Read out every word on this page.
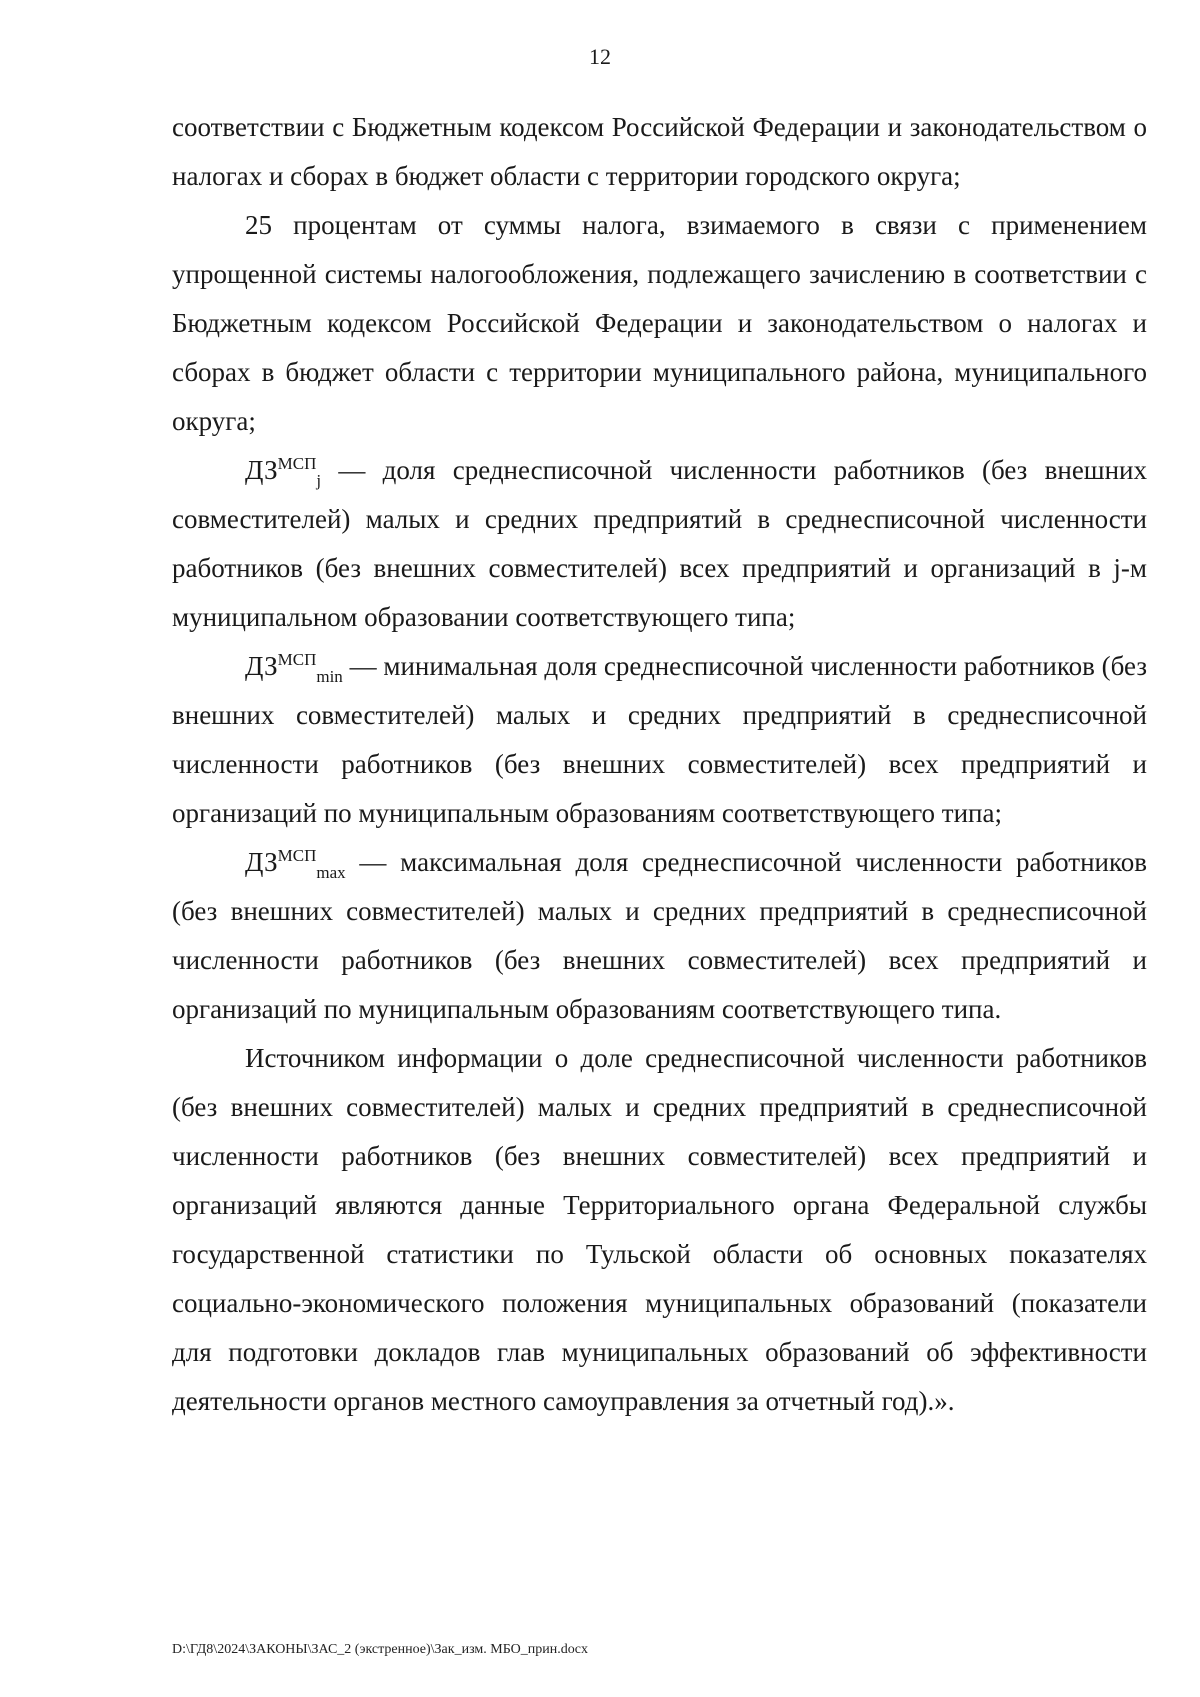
12

соответствии с Бюджетным кодексом Российской Федерации и законодательством о налогах и сборах в бюджет области с территории городского округа;

25 процентам от суммы налога, взимаемого в связи с применением упрощенной системы налогообложения, подлежащего зачислению в соответствии с Бюджетным кодексом Российской Федерации и законодательством о налогах и сборах в бюджет области с территории муниципального района, муниципального округа;

$ДЗ^{МСП}_j$ — доля среднесписочной численности работников (без внешних совместителей) малых и средних предприятий в среднесписочной численности работников (без внешних совместителей) всех предприятий и организаций в j-м муниципальном образовании соответствующего типа;

$ДЗ^{МСП}_{min}$ — минимальная доля среднесписочной численности работников (без внешних совместителей) малых и средних предприятий в среднесписочной численности работников (без внешних совместителей) всех предприятий и организаций по муниципальным образованиям соответствующего типа;

$ДЗ^{МСП}_{max}$ — максимальная доля среднесписочной численности работников (без внешних совместителей) малых и средних предприятий в среднесписочной численности работников (без внешних совместителей) всех предприятий и организаций по муниципальным образованиям соответствующего типа.

Источником информации о доле среднесписочной численности работников (без внешних совместителей) малых и средних предприятий в среднесписочной численности работников (без внешних совместителей) всех предприятий и организаций являются данные Территориального органа Федеральной службы государственной статистики по Тульской области об основных показателях социально-экономического положения муниципальных образований (показатели для подготовки докладов глав муниципальных образований об эффективности деятельности органов местного самоуправления за отчетный год).».

D:\ГД8\2024\ЗАКОНЫ\ЗАС_2 (экстренное)\Зак_изм. МБО_прин.docx
